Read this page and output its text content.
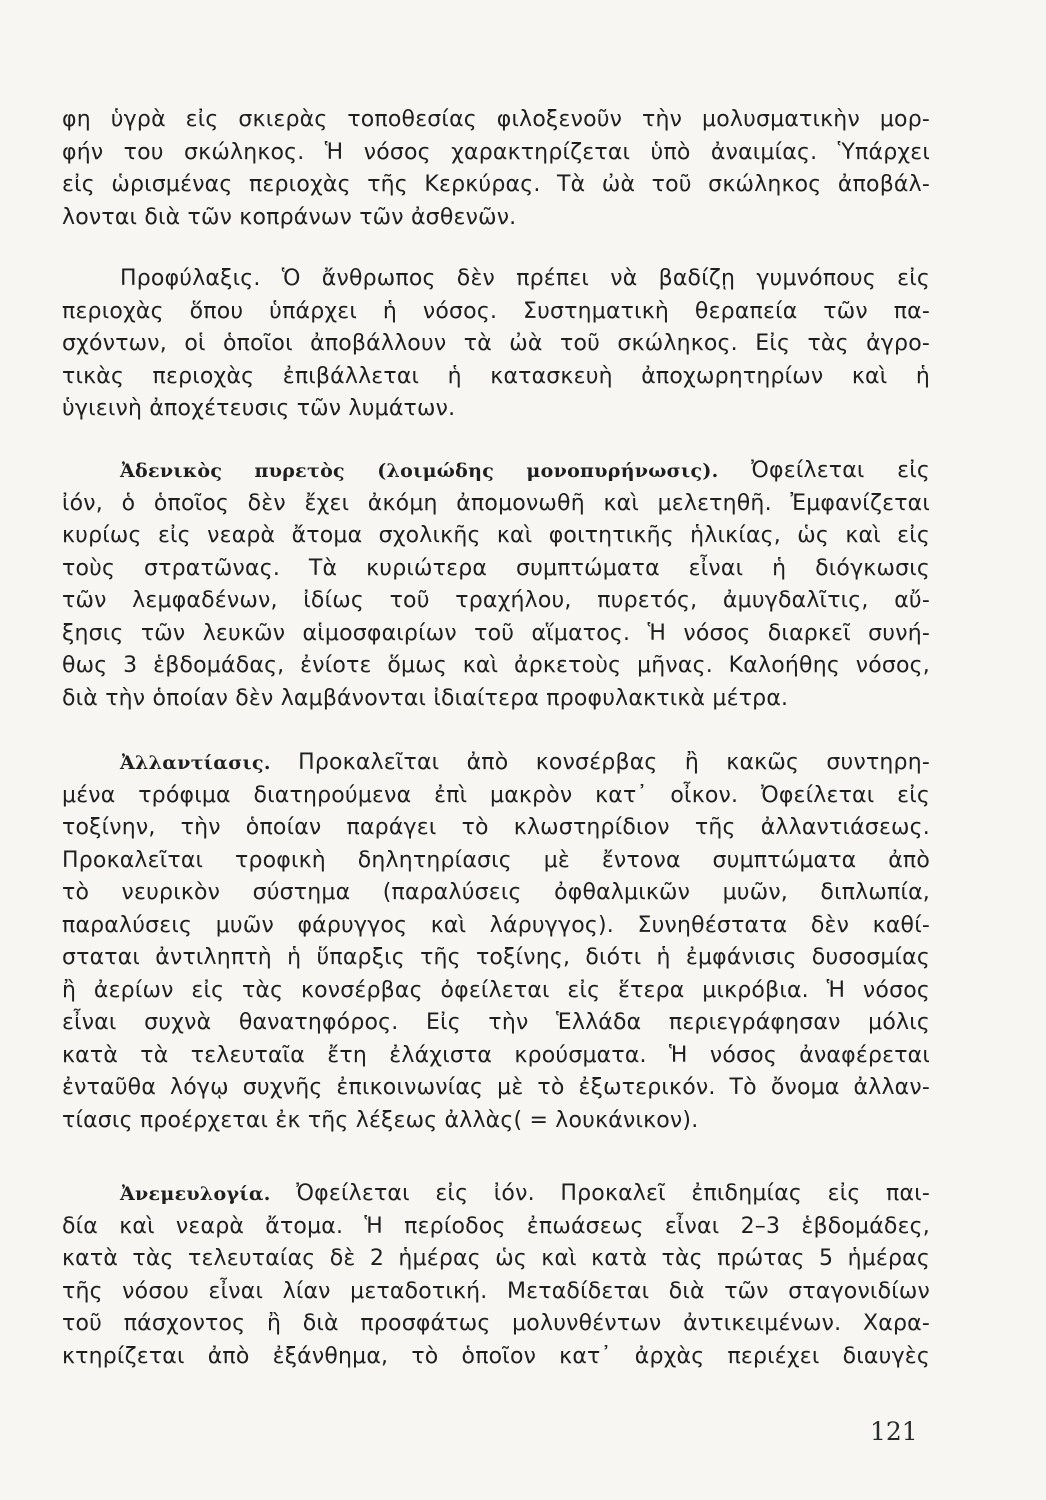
φη ὑγρὰ εἰς σκιερὰς τοποθεσίας φιλοξενοῦν τὴν μολυσματικὴν μορ-
φήν του σκώληκος. Ἡ νόσος χαρακτηρίζεται ὑπὸ ἀναιμίας. Ὑπάρχει
εἰς ὡρισμένας περιοχὰς τῆς Κερκύρας. Τὰ ὠὰ τοῦ σκώληκος ἀποβάλ-
λονται διὰ τῶν κοπράνων τῶν ἀσθενῶν.
Προφύλαξις. Ὁ ἄνθρωπος δὲν πρέπει νὰ βαδίζῃ γυμνόπους εἰς
περιοχὰς ὅπου ὑπάρχει ἡ νόσος. Συστηματικὴ θεραπεία τῶν πα-
σχόντων, οἱ ὁποῖοι ἀποβάλλουν τὰ ὠὰ τοῦ σκώληκος. Εἰς τὰς ἀγρο-
τικὰς περιοχὰς ἐπιβάλλεται ἡ κατασκευὴ ἀποχωρητηρίων καὶ ἡ
ὑγιεινὴ ἀποχέτευσις τῶν λυμάτων.
Ἀδενικὸς πυρετὸς (λοιμώδης μονοπυρήνωσις). Ὀφείλεται εἰς
ἰόν, ὁ ὁποῖος δὲν ἔχει ἀκόμη ἀπομονωθῆ καὶ μελετηθῆ. Ἐμφανίζεται
κυρίως εἰς νεαρὰ ἄτομα σχολικῆς καὶ φοιτητικῆς ἡλικίας, ὡς καὶ εἰς
τοὺς στρατῶνας. Τὰ κυριώτερα συμπτώματα εἶναι ἡ διόγκωσις
τῶν λεμφαδένων, ἰδίως τοῦ τραχήλου, πυρετός, ἀμυγδαλῖτις, αὔ-
ξησις τῶν λευκῶν αἱμοσφαιρίων τοῦ αἵματος. Ἡ νόσος διαρκεῖ συνή-
θως 3 ἑβδομάδας, ἐνίοτε ὅμως καὶ ἀρκετοὺς μῆνας. Καλοήθης νόσος,
διὰ τὴν ὁποίαν δὲν λαμβάνονται ἰδιαίτερα προφυλακτικὰ μέτρα.
Ἀλλαντίασις. Προκαλεῖται ἀπὸ κονσέρβας ἢ κακῶς συντηρη-
μένα τρόφιμα διατηρούμενα ἐπὶ μακρὸν κατ᾿ οἶκον. Ὀφείλεται εἰς
τοξίνην, τὴν ὁποίαν παράγει τὸ κλωστηρίδιον τῆς ἀλλαντιάσεως.
Προκαλεῖται τροφικὴ δηλητηρίασις μὲ ἔντονα συμπτώματα ἀπὸ
τὸ νευρικὸν σύστημα (παραλύσεις ὀφθαλμικῶν μυῶν, διπλωπία,
παραλύσεις μυῶν φάρυγγος καὶ λάρυγγος). Συνηθέστατα δὲν καθί-
σταται ἀντιληπτὴ ἡ ὕπαρξις τῆς τοξίνης, διότι ἡ ἐμφάνισις δυσοσμίας
ἢ ἀερίων εἰς τὰς κονσέρβας ὀφείλεται εἰς ἕτερα μικρόβια. Ἡ νόσος
εἶναι συχνὰ θανατηφόρος. Εἰς τὴν Ἑλλάδα περιεγράφησαν μόλις
κατὰ τὰ τελευταῖα ἔτη ἐλάχιστα κρούσματα. Ἡ νόσος ἀναφέρεται
ἐνταῦθα λόγῳ συχνῆς ἐπικοινωνίας μὲ τὸ ἐξωτερικόν. Τὸ ὄνομα ἀλλαν-
τίασις προέρχεται ἐκ τῆς λέξεως ἀλλὰς( = λουκάνικον).
Ἀνεμευλογία. Ὀφείλεται εἰς ἰόν. Προκαλεῖ ἐπιδημίας εἰς παι-
δία καὶ νεαρὰ ἄτομα. Ἡ περίοδος ἐπωάσεως εἶναι 2–3 ἑβδομάδες,
κατὰ τὰς τελευταίας δὲ 2 ἡμέρας ὡς καὶ κατὰ τὰς πρώτας 5 ἡμέρας
τῆς νόσου εἶναι λίαν μεταδοτική. Μεταδίδεται διὰ τῶν σταγονιδίων
τοῦ πάσχοντος ἢ διὰ προσφάτως μολυνθέντων ἀντικειμένων. Χαρα-
κτηρίζεται ἀπὸ ἐξάνθημα, τὸ ὁποῖον κατ᾿ ἀρχὰς περιέχει διαυγὲς
121
